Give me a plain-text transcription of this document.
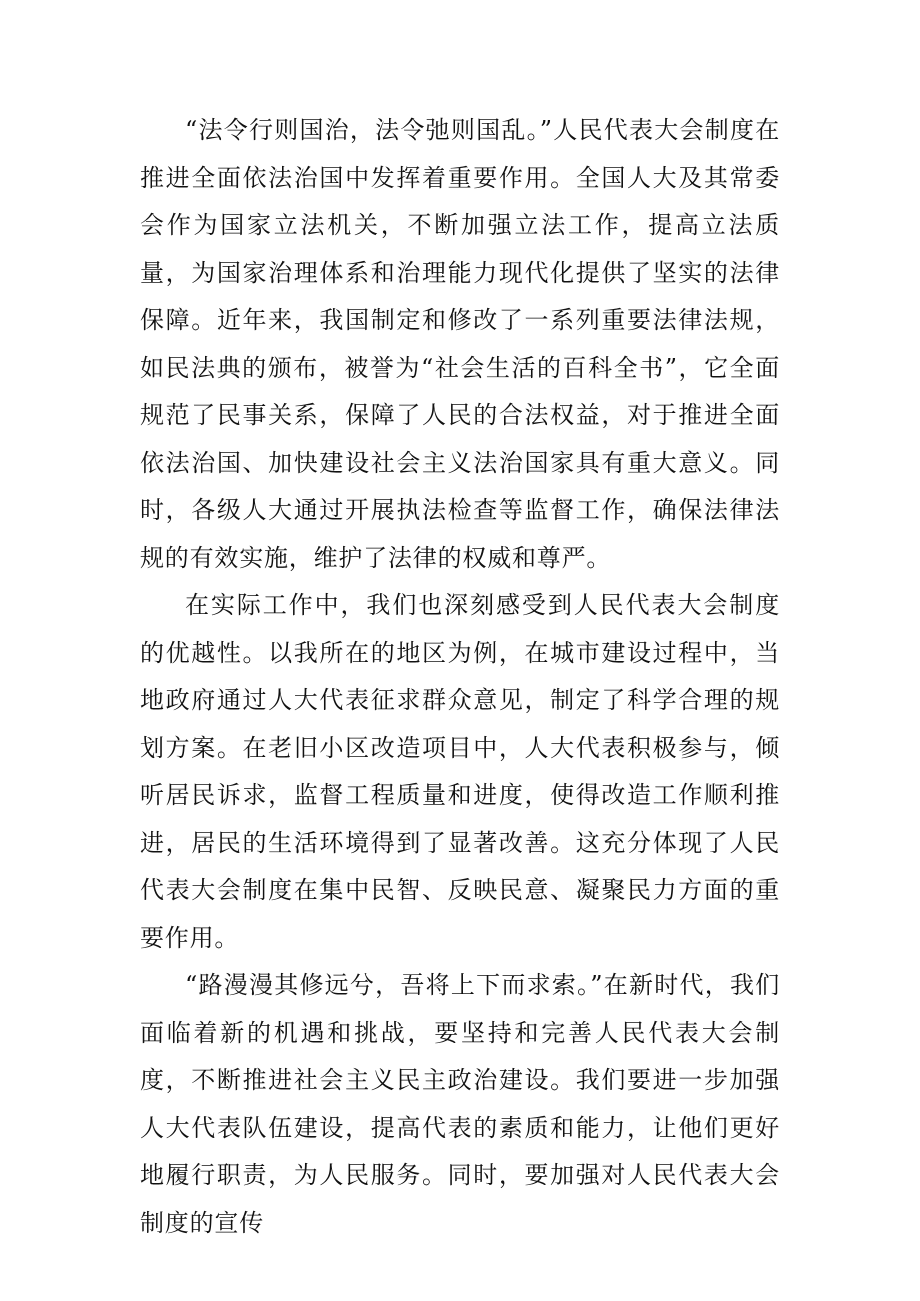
“法令行则国治，法令弛则国乱。”人民代表大会制度在推进全面依法治国中发挥着重要作用。全国人大及其常委会作为国家立法机关，不断加强立法工作，提高立法质量，为国家治理体系和治理能力现代化提供了坚实的法律保障。近年来，我国制定和修改了一系列重要法律法规，如民法典的颁布，被誉为“社会生活的百科全书”，它全面规范了民事关系，保障了人民的合法权益，对于推进全面依法治国、加快建设社会主义法治国家具有重大意义。同时，各级人大通过开展执法检查等监督工作，确保法律法规的有效实施，维护了法律的权威和尊严。

在实际工作中，我们也深刻感受到人民代表大会制度的优越性。以我所在的地区为例，在城市建设过程中，当地政府通过人大代表征求群众意见，制定了科学合理的规划方案。在老旧小区改造项目中，人大代表积极参与，倾听居民诉求，监督工程质量和进度，使得改造工作顺利推进，居民的生活环境得到了显著改善。这充分体现了人民代表大会制度在集中民智、反映民意、凝聚民力方面的重要作用。

“路漫漫其修远兮，吾将上下而求索。”在新时代，我们面临着新的机遇和挑战，要坚持和完善人民代表大会制度，不断推进社会主义民主政治建设。我们要进一步加强人大代表队伍建设，提高代表的素质和能力，让他们更好地履行职责，为人民服务。同时，要加强对人民代表大会制度的宣传
